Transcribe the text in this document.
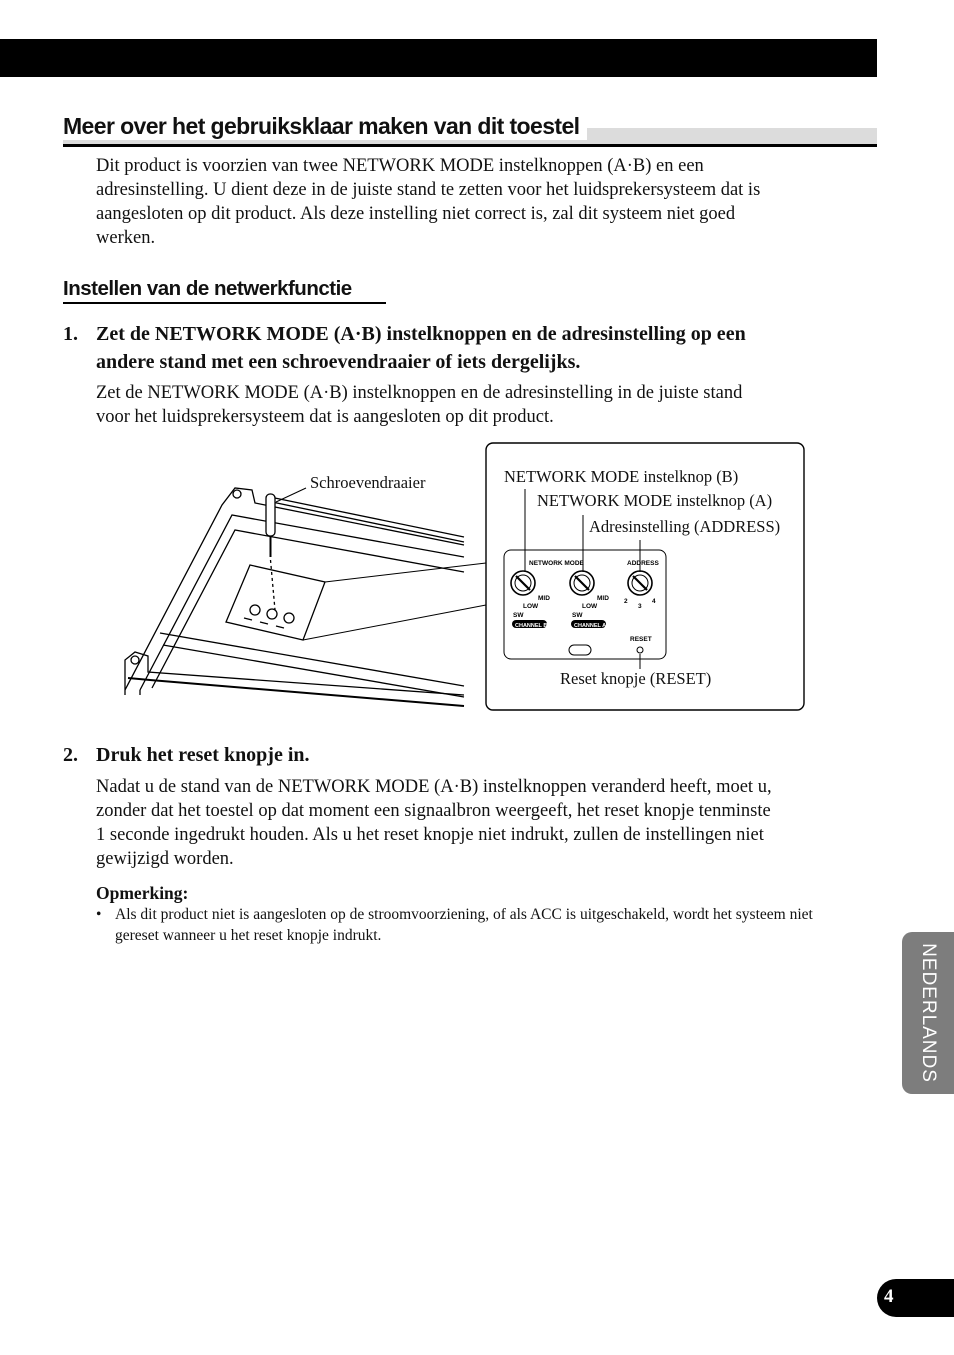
Meer over het gebruiksklaar maken van dit toestel

Dit product is voorzien van twee NETWORK MODE instelknoppen (A·B) en een

adresinstelling. U dient deze in de juiste stand te zetten voor het luidsprekersysteem dat is

aangesloten op dit product. Als deze instelling niet correct is, zal dit systeem niet goed

werken.

Instellen van de netwerkfunctie
1. Zet de NETWORK MODE (A·B) instelknoppen en de adresinstelling op een

andere stand met een schroevendraaier of iets dergelijks.

Zet de NETWORK MODE (A·B) instelknoppen en de adresinstelling in de juiste stand

voor het luidsprekersysteem dat is aangesloten op dit product.

NETWORK MODE	ADDRESS
MID
LOW
SW
MID
LOW
SW
CHANNEL B	CHANNEL A
RESET
2
3
4
Schroevendraaier	NETWORK MODE instelknop (B)
NETWORK MODE instelknop (A)
Adresinstelling (ADDRESS)
Reset knopje (RESET)
2. Druk het reset knopje in.

Nadat u de stand van de NETWORK MODE (A·B) instelknoppen veranderd heeft, moet u,

zonder dat het toestel op dat moment een signaalbron weergeeft, het reset knopje tenminste

1 seconde ingedrukt houden. Als u het reset knopje niet indrukt, zullen de instellingen niet

gewijzigd worden.

Opmerking:
• Als dit product niet is aangesloten op de stroomvoorziening, of als ACC is uitgeschakeld, wordt het systeem niet gereset wanneer u het reset knopje indrukt.

NEDERLANDS
4
